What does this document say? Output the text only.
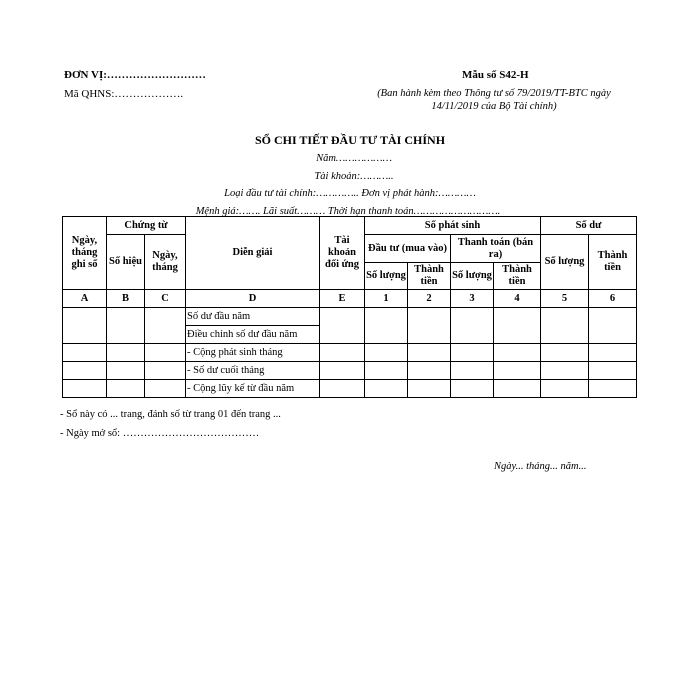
ĐƠN VỊ:………………………
Mã QHNS:……………….
Mẫu số S42-H
(Ban hành kèm theo Thông tư số 79/2019/TT-BTC ngày 14/11/2019 của Bộ Tài chính)
SỔ CHI TIẾT ĐẦU TƯ TÀI CHÍNH
Năm………………
Tài khoản:………..
Loại đầu tư tài chính:………….. Đơn vị phát hành:…………
Mệnh giá:……. Lãi suất……… Thời hạn thanh toán……………………….
Ngày, tháng ghi sổ	Chứng từ		Diễn giải	Tài khoản đối ứng	Số phát sinh				Số dư	
	Số hiệu	Ngày, tháng			Đầu tư (mua vào)		Thanh toán (bán ra)		Số lượng	Thành tiền
					Số lượng	Thành tiền	Số lượng	Thành tiền		
A	B	C	D	E	1	2	3	4	5	6
			Số dư đầu năm							
			Điều chỉnh số dư đầu năm							
			- Cộng phát sinh tháng							
			- Số dư cuối tháng							
			- Cộng lũy kế từ đầu năm							
- Sổ này có ... trang, đánh số từ trang 01 đến trang ...
- Ngày mở sổ: …………………………………
Ngày... tháng... năm...
